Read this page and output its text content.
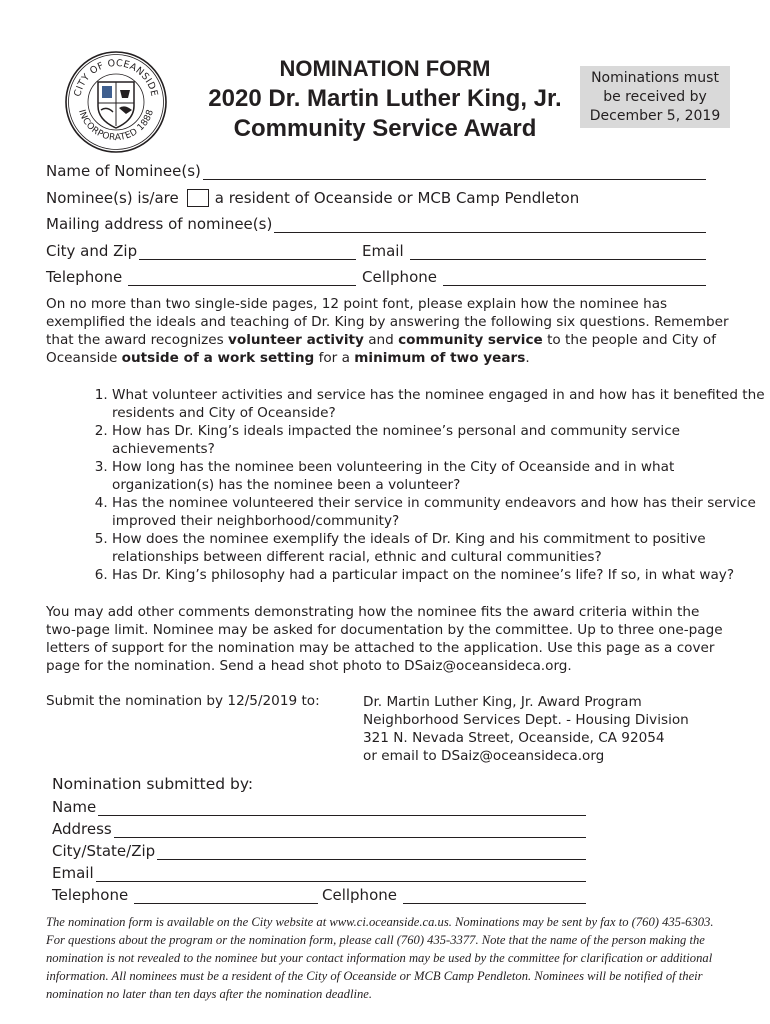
CITY OF OCEANSIDE
INCORPORATED 1888
NOMINATION FORM
2020 Dr. Martin Luther King, Jr.
Community Service Award
Nominations must
be received by
December 5, 2019
Name of Nominee(s)
Nominee(s) is/are a resident of Oceanside or MCB Camp Pendleton
Mailing address of nominee(s)
City and Zip	Email
Telephone	Cellphone
On no more than two single-side pages, 12 point font, please explain how the nominee has exemplified the ideals and teaching of Dr. King by answering the following six questions. Remember that the award recognizes volunteer activity and community service to the people and City of Oceanside outside of a work setting for a minimum of two years.
1. What volunteer activities and service has the nominee engaged in and how has it benefited the residents and City of Oceanside?
2. How has Dr. King’s ideals impacted the nominee’s personal and community service achievements?
3. How long has the nominee been volunteering in the City of Oceanside and in what organization(s) has the nominee been a volunteer?
4. Has the nominee volunteered their service in community endeavors and how has their service improved their neighborhood/community?
5. How does the nominee exemplify the ideals of Dr. King and his commitment to positive relationships between different racial, ethnic and cultural communities?
6. Has Dr. King’s philosophy had a particular impact on the nominee’s life? If so, in what way?
You may add other comments demonstrating how the nominee fits the award criteria within the two-page limit. Nominee may be asked for documentation by the committee. Up to three one-page letters of support for the nomination may be attached to the application. Use this page as a cover page for the nomination. Send a head shot photo to DSaiz@oceansideca.org.
Submit the nomination by 12/5/2019 to:	Dr. Martin Luther King, Jr. Award Program
Neighborhood Services Dept. - Housing Division
321 N. Nevada Street, Oceanside, CA 92054
or email to DSaiz@oceansideca.org
Nomination submitted by:
Name
Address
City/State/Zip
Email
Telephone	Cellphone
The nomination form is available on the City website at www.ci.oceanside.ca.us. Nominations may be sent by fax to (760) 435-6303. For questions about the program or the nomination form, please call (760) 435-3377. Note that the name of the person making the nomination is not revealed to the nominee but your contact information may be used by the committee for clarification or additional information. All nominees must be a resident of the City of Oceanside or MCB Camp Pendleton. Nominees will be notified of their nomination no later than ten days after the nomination deadline.
